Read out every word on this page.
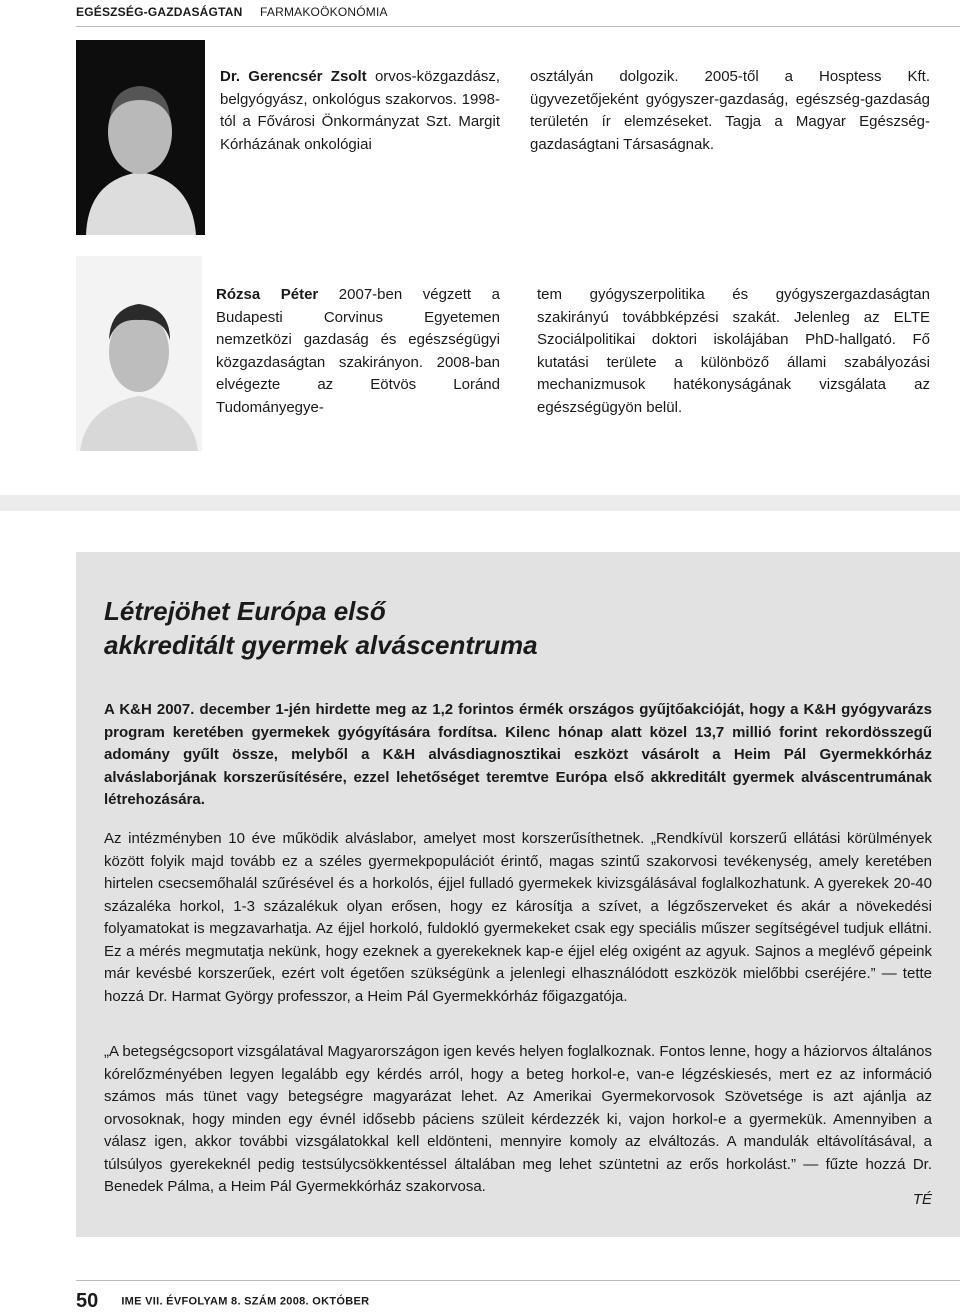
EGÉSZSÉG-GAZDASÁGTAN FARMAKOÖKONÓMIA
Dr. Gerencsér Zsolt orvos-közgazdász, belgyógyász, onkológus szakorvos. 1998-tól a Fővárosi Önkormányzat Szt. Margit Kórházának onkológiai
osztályán dolgozik. 2005-től a Hosptess Kft. ügyvezetőjeként gyógyszer-gazdaság, egészség-gazdaság területén ír elemzéseket. Tagja a Magyar Egészség-gazdaságtani Társaságnak.
Rózsa Péter 2007-ben végzett a Budapesti Corvinus Egyetemen nemzetközi gazdaság és egészségügyi közgazdaságtan szakirányon. 2008-ban elvégezte az Eötvös Loránd Tudományegye-
tem gyógyszerpolitika és gyógyszergazdaságtan szakirányú továbbképzési szakát. Jelenleg az ELTE Szociálpolitikai doktori iskolájában PhD-hallgató. Fő kutatási területe a különböző állami szabályozási mechanizmusok hatékonyságának vizsgálata az egészségügyön belül.
Létrejöhet Európa első
akkreditált gyermek alváscentruma

A K&H 2007. december 1-jén hirdette meg az 1,2 forintos érmék országos gyűjtőakcióját, hogy a K&H gyógyvarázs program keretében gyermekek gyógyítására fordítsa. Kilenc hónap alatt közel 13,7 millió forint rekordösszegű adomány gyűlt össze, melyből a K&H alvásdiagnosztikai eszközt vásárolt a Heim Pál Gyermekkórház alváslaborjának korszerűsítésére, ezzel lehetőséget teremtve Európa első akkreditált gyermek alváscentrumának létrehozására.

Az intézményben 10 éve működik alváslabor, amelyet most korszerűsíthetnek. „Rendkívül korszerű ellátási körülmények között folyik majd tovább ez a széles gyermekpopulációt érintő, magas szintű szakorvosi tevékenység, amely keretében hirtelen csecsemőhalál szűrésével és a horkolós, éjjel fulladó gyermekek kivizsgálásával foglalkozhatunk. A gyerekek 20-40 százaléka horkol, 1-3 százalékuk olyan erősen, hogy ez károsítja a szívet, a légzőszerveket és akár a növekedési folyamatokat is megzavarhatja. Az éjjel horkoló, fuldokló gyermekeket csak egy speciális műszer segítségével tudjuk ellátni. Ez a mérés megmutatja nekünk, hogy ezeknek a gyerekeknek kap-e éjjel elég oxigént az agyuk. Sajnos a meglévő gépeink már kevésbé korszerűek, ezért volt égetően szükségünk a jelenlegi elhasználódott eszközök mielőbbi cseréjére.” — tette hozzá Dr. Harmat György professzor, a Heim Pál Gyermekkórház főigazgatója.

„A betegségcsoport vizsgálatával Magyarországon igen kevés helyen foglalkoznak. Fontos lenne, hogy a háziorvos általános kórelőzményében legyen legalább egy kérdés arról, hogy a beteg horkol-e, van-e légzéskiesés, mert ez az információ számos más tünet vagy betegségre magyarázat lehet. Az Amerikai Gyermekorvosok Szövetsége is azt ajánlja az orvosoknak, hogy minden egy évnél idősebb páciens szüleit kérdezzék ki, vajon horkol-e a gyermekük. Amennyiben a válasz igen, akkor további vizsgálatokkal kell eldönteni, mennyire komoly az elváltozás. A mandulák eltávolításával, a túlsúlyos gyerekeknél pedig testsúlycsökkentéssel általában meg lehet szüntetni az erős horkolást.” — fűzte hozzá Dr. Benedek Pálma, a Heim Pál Gyermekkórház szakorvosa.

TÉ
50 IME VII. ÉVFOLYAM 8. SZÁM 2008. OKTÓBER
